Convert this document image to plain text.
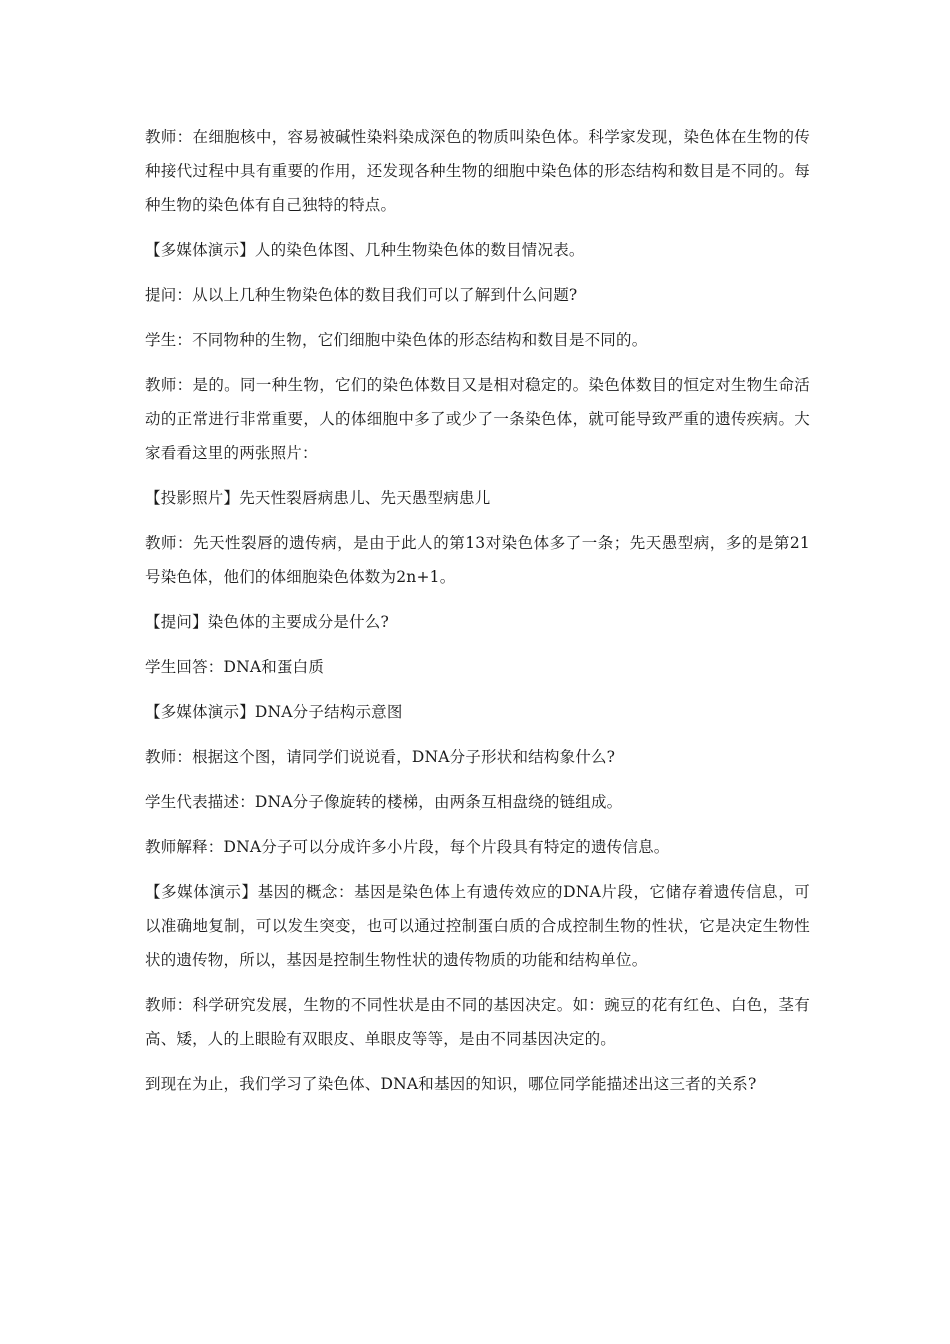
教师：在细胞核中，容易被碱性染料染成深色的物质叫染色体。科学家发现，染色体在生物的传种接代过程中具有重要的作用，还发现各种生物的细胞中染色体的形态结构和数目是不同的。每种生物的染色体有自己独特的特点。

【多媒体演示】人的染色体图、几种生物染色体的数目情况表。

提问：从以上几种生物染色体的数目我们可以了解到什么问题?

学生：不同物种的生物，它们细胞中染色体的形态结构和数目是不同的。

教师：是的。同一种生物，它们的染色体数目又是相对稳定的。染色体数目的恒定对生物生命活动的正常进行非常重要，人的体细胞中多了或少了一条染色体，就可能导致严重的遗传疾病。大家看看这里的两张照片：

【投影照片】先天性裂唇病患儿、先天愚型病患儿

教师：先天性裂唇的遗传病，是由于此人的第13对染色体多了一条；先天愚型病，多的是第21号染色体，他们的体细胞染色体数为2n+1。

【提问】染色体的主要成分是什么?

学生回答：DNA和蛋白质

【多媒体演示】DNA分子结构示意图

教师：根据这个图，请同学们说说看，DNA分子形状和结构象什么?

学生代表描述：DNA分子像旋转的楼梯，由两条互相盘绕的链组成。

教师解释：DNA分子可以分成许多小片段，每个片段具有特定的遗传信息。

【多媒体演示】基因的概念：基因是染色体上有遗传效应的DNA片段，它储存着遗传信息，可以准确地复制，可以发生突变，也可以通过控制蛋白质的合成控制生物的性状，它是决定生物性状的遗传物，所以，基因是控制生物性状的遗传物质的功能和结构单位。

教师：科学研究发展，生物的不同性状是由不同的基因决定。如：豌豆的花有红色、白色，茎有高、矮，人的上眼睑有双眼皮、单眼皮等等，是由不同基因决定的。

到现在为止，我们学习了染色体、DNA和基因的知识，哪位同学能描述出这三者的关系?
